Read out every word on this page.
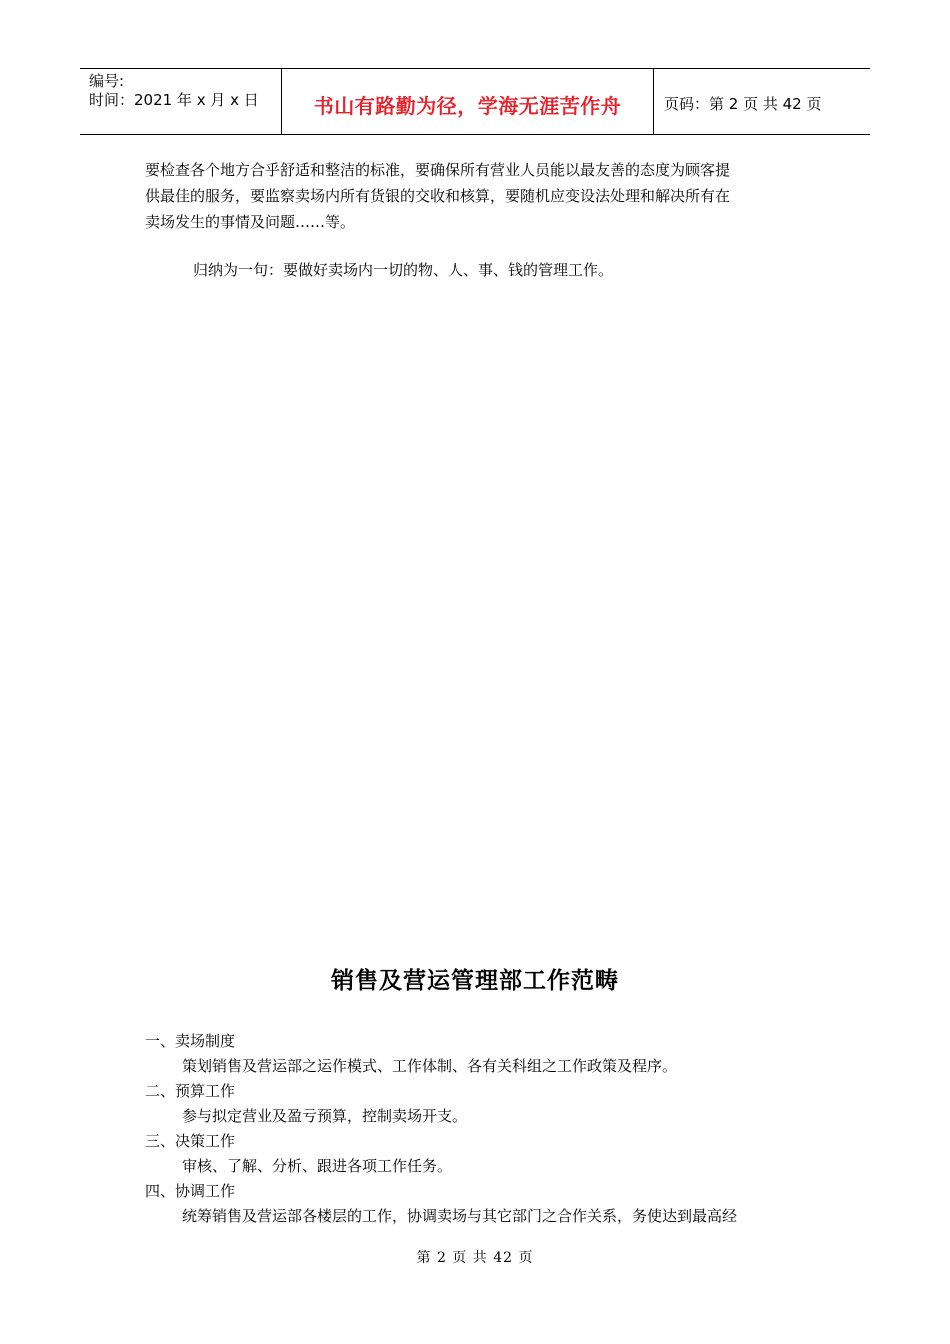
编号:
时间：2021 年 x 月 x 日	书山有路勤为径，学海无涯苦作舟	页码：第 2 页 共 42 页
要检查各个地方合乎舒适和整洁的标准，要确保所有营业人员能以最友善的态度为顾客提
供最佳的服务，要监察卖场内所有货银的交收和核算，要随机应变设法处理和解决所有在
卖场发生的事情及问题……等。
归纳为一句：要做好卖场内一切的物、人、事、钱的管理工作。
销售及营运管理部工作范畴
一、卖场制度
策划销售及营运部之运作模式、工作体制、各有关科组之工作政策及程序。
二、预算工作
参与拟定营业及盈亏预算，控制卖场开支。
三、决策工作
审核、了解、分析、跟进各项工作任务。
四、协调工作
统筹销售及营运部各楼层的工作，协调卖场与其它部门之合作关系，务使达到最高经
第 2 页 共 42 页
